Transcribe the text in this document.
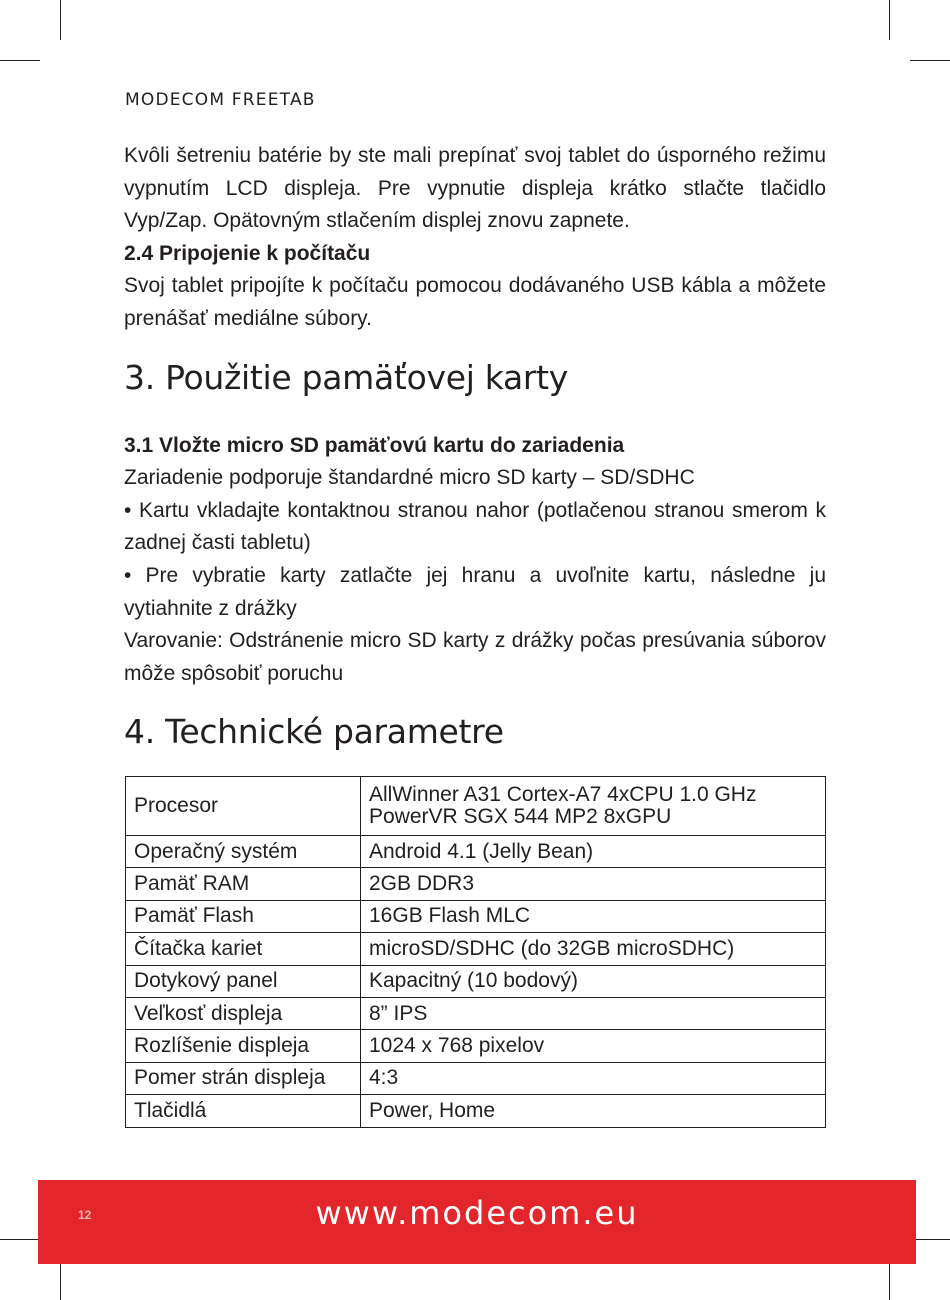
MODECOM FREETAB

Kvôli šetreniu batérie by ste mali prepínať svoj tablet do úsporného režimu vypnutím LCD displeja. Pre vypnutie displeja krátko stlačte tlačidlo Vyp/Zap. Opätovným stlačením displej znovu zapnete.

2.4 Pripojenie k počítaču

Svoj tablet pripojíte k počítaču pomocou dodávaného USB kábla a môžete prenášať mediálne súbory.

3. Použitie pamäťovej karty

3.1 Vložte micro SD pamäťovú kartu do zariadenia

Zariadenie podporuje štandardné micro SD karty – SD/SDHC

• Kartu vkladajte kontaktnou stranou nahor (potlačenou stranou smerom k zadnej časti tabletu)

• Pre vybratie karty zatlačte jej hranu a uvoľnite kartu, následne ju vytiahnite z drážky

Varovanie: Odstránenie micro SD karty z drážky počas presúvania súborov môže spôsobiť poruchu

4. Technické parametre
Procesor	AllWinner A31 Cortex-A7 4xCPU 1.0 GHz
PowerVR SGX 544 MP2 8xGPU

Operačný systém	Android 4.1 (Jelly Bean)
Pamäť RAM	2GB DDR3
Pamäť Flash	16GB Flash MLC
Čítačka kariet	microSD/SDHC (do 32GB microSDHC)
Dotykový panel	Kapacitný (10 bodový)
Veľkosť displeja	8” IPS
Rozlíšenie displeja	1024 x 768 pixelov
Pomer strán displeja	4:3
Tlačidlá	Power, Home
12	www.modecom.eu
